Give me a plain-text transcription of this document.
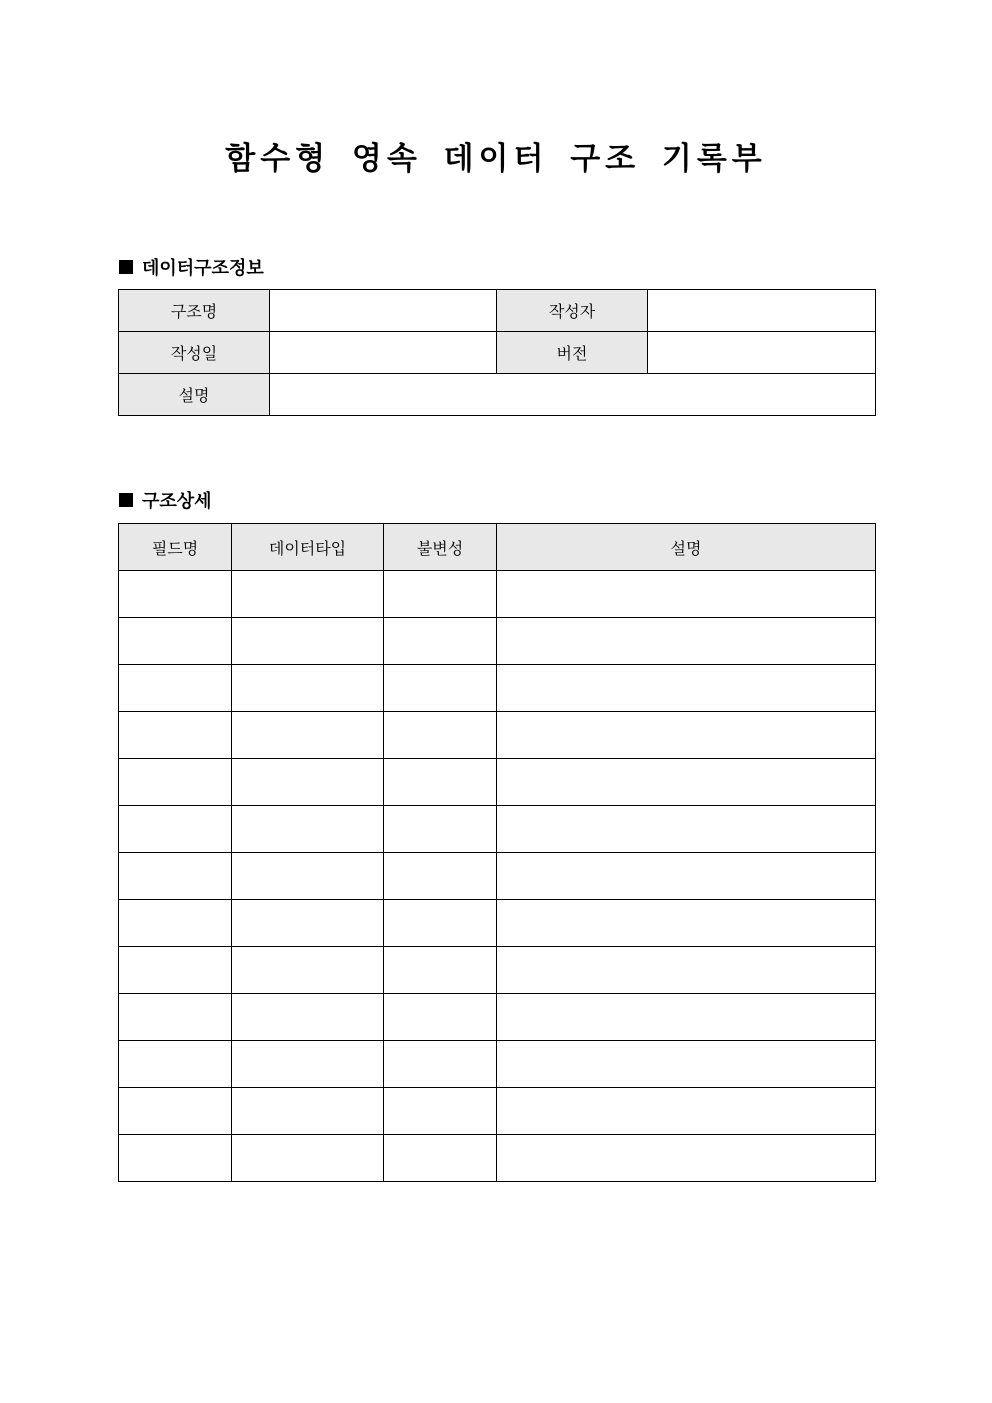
함수형 영속 데이터 구조 기록부
데이터구조정보
구조명		작성자	
작성일		버전	
설명			
구조상세
필드명	데이터타입	불변성	설명
